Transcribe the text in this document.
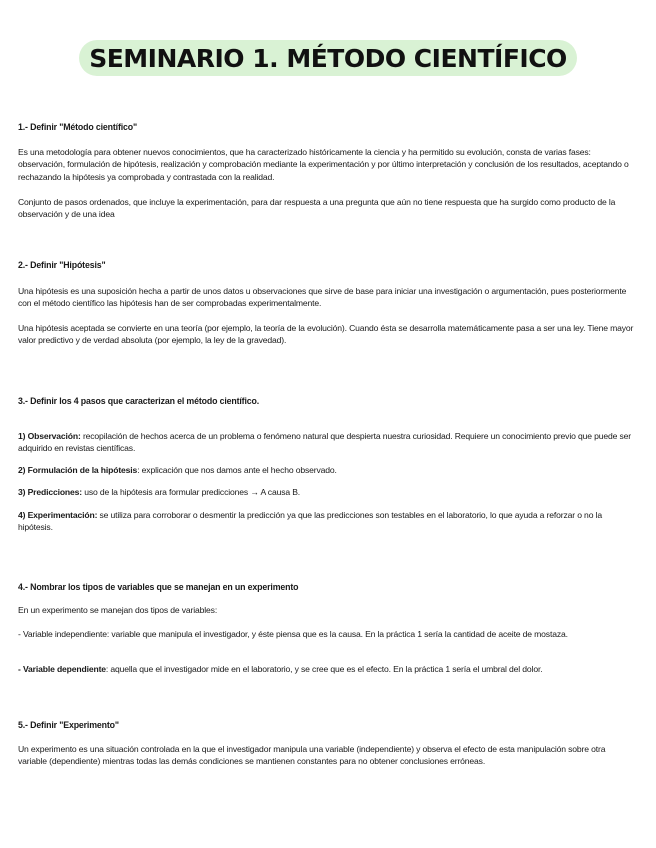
SEMINARIO 1. MÉTODO CIENTÍFICO
1.- Definir "Método científico"
Es una metodología para obtener nuevos conocimientos, que ha caracterizado históricamente la ciencia y ha permitido su evolución, consta de varias fases: observación, formulación de hipótesis, realización y comprobación mediante la experimentación y por último interpretación y conclusión de los resultados, aceptando o rechazando la hipótesis ya comprobada y contrastada con la realidad.
Conjunto de pasos ordenados, que incluye la experimentación, para dar respuesta a una pregunta que aún no tiene respuesta que ha surgido como producto de la observación y de una idea
2.- Definir "Hipótesis"
Una hipótesis es una suposición hecha a partir de unos datos u observaciones que sirve de base para iniciar una investigación o argumentación, pues posteriormente con el método científico las hipótesis han de ser comprobadas experimentalmente.
Una hipótesis aceptada se convierte en una teoría (por ejemplo, la teoría de la evolución). Cuando ésta se desarrolla matemáticamente pasa a ser una ley. Tiene mayor valor predictivo y de verdad absoluta (por ejemplo, la ley de la gravedad).
3.- Definir los 4 pasos que caracterizan el método científico.
1) Observación: recopilación de hechos acerca de un problema o fenómeno natural que despierta nuestra curiosidad. Requiere un conocimiento previo que puede ser adquirido en revistas científicas.
2) Formulación de la hipótesis: explicación que nos damos ante el hecho observado.
3) Predicciones: uso de la hipótesis ara formular predicciones → A causa B.
4) Experimentación: se utiliza para corroborar o desmentir la predicción ya que las predicciones son testables en el laboratorio, lo que ayuda a reforzar o no la hipótesis.
4.- Nombrar los tipos de variables que se manejan en un experimento
En un experimento se manejan dos tipos de variables:
- Variable independiente: variable que manipula el investigador, y éste piensa que es la causa. En la práctica 1 sería la cantidad de aceite de mostaza.
- Variable dependiente: aquella que el investigador mide en el laboratorio, y se cree que es el efecto. En la práctica 1 sería el umbral del dolor.
5.- Definir "Experimento"
Un experimento es una situación controlada en la que el investigador manipula una variable (independiente) y observa el efecto de esta manipulación sobre otra variable (dependiente) mientras todas las demás condiciones se mantienen constantes para no obtener conclusiones erróneas.
